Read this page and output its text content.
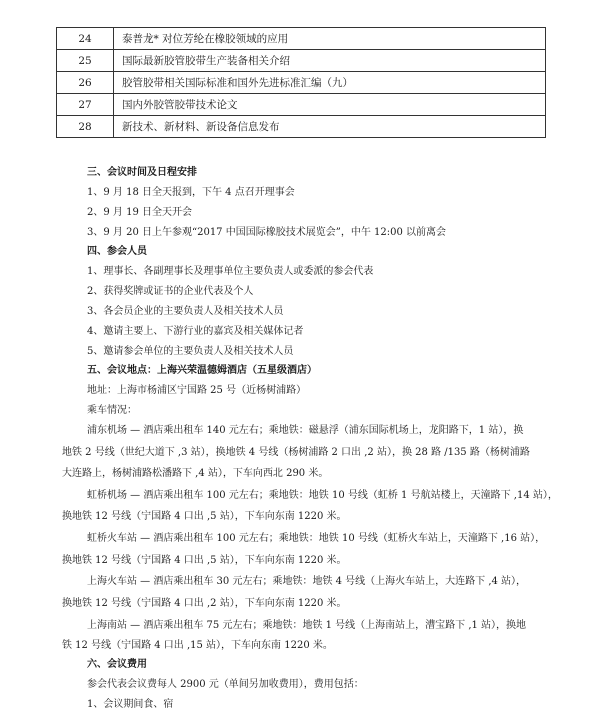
24	泰普龙* 对位芳纶在橡胶领域的应用
25	国际最新胶管胶带生产装备相关介绍
26	胶管胶带相关国际标准和国外先进标准汇编（九）
27	国内外胶管胶带技术论文
28	新技术、新材料、新设备信息发布
三、会议时间及日程安排
1、9 月 18 日全天报到，下午 4 点召开理事会
2、9 月 19 日全天开会
3、9 月 20 日上午参观“2017 中国国际橡胶技术展览会”，中午 12:00 以前离会
四、参会人员
1、理事长、各副理事长及理事单位主要负责人或委派的参会代表
2、获得奖牌或证书的企业代表及个人
3、各会员企业的主要负责人及相关技术人员
4、邀请主要上、下游行业的嘉宾及相关媒体记者
5、邀请参会单位的主要负责人及相关技术人员
五、会议地点：上海兴荣温德姆酒店（五星级酒店）
地址：上海市杨浦区宁国路 25 号（近杨树浦路）
乘车情况：
浦东机场 — 酒店乘出租车 140 元左右；乘地铁：磁悬浮（浦东国际机场上，龙阳路下，1 站），换
地铁 2 号线（世纪大道下 ,3 站），换地铁 4 号线（杨树浦路 2 口出 ,2 站），换 28 路 /135 路（杨树浦路
大连路上，杨树浦路松潘路下 ,4 站），下车向西北 290 米。
虹桥机场 — 酒店乘出租车 100 元左右；乘地铁：地铁 10 号线（虹桥 1 号航站楼上，天潼路下 ,14 站），
换地铁 12 号线（宁国路 4 口出 ,5 站），下车向东南 1220 米。
虹桥火车站 — 酒店乘出租车 100 元左右；乘地铁：地铁 10 号线（虹桥火车站上，天潼路下 ,16 站），
换地铁 12 号线（宁国路 4 口出 ,5 站），下车向东南 1220 米。
上海火车站 — 酒店乘出租车 30 元左右；乘地铁：地铁 4 号线（上海火车站上，大连路下 ,4 站），
换地铁 12 号线（宁国路 4 口出 ,2 站），下车向东南 1220 米。
上海南站 — 酒店乘出租车 75 元左右；乘地铁：地铁 1 号线（上海南站上，漕宝路下 ,1 站），换地
铁 12 号线（宁国路 4 口出 ,15 站），下车向东南 1220 米。
六、会议费用
参会代表会议费每人 2900 元（单间另加收费用），费用包括：
1、会议期间食、宿
